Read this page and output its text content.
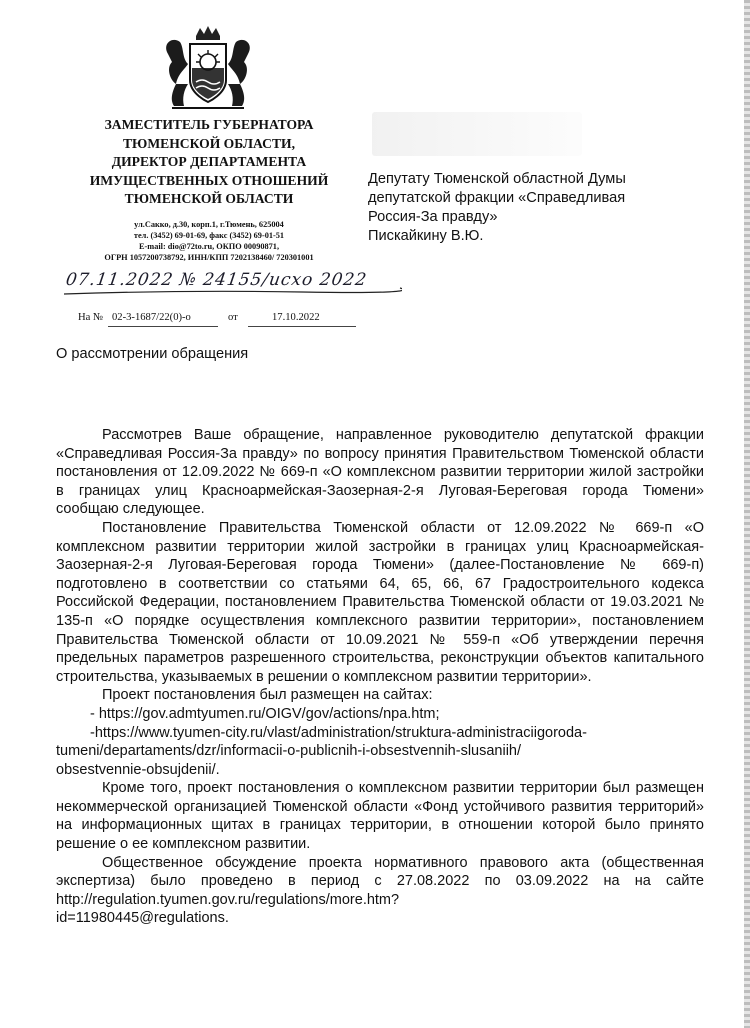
ЗАМЕСТИТЕЛЬ ГУБЕРНАТОРА

ТЮМЕНСКОЙ ОБЛАСТИ,

ДИРЕКТОР ДЕПАРТАМЕНТА

ИМУЩЕСТВЕННЫХ ОТНОШЕНИЙ

ТЮМЕНСКОЙ ОБЛАСТИ

ул.Сакко, д.30, корп.1, г.Тюмень, 625004
тел. (3452) 69-01-69, факс (3452) 69-01-51
E-mail: dio@72to.ru, ОКПО 00090871,
ОГРН 1057200738792, ИНН/КПП 7202138460/ 720301001
Депутату Тюменской областной Думы
депутатской фракции «Справедливая
Россия-За правду»
Пискайкину В.Ю.
07.11.2022 № 24155/исхо 2022
На № 02-3-1687/22(0)-о	от	17.10.2022
О рассмотрении обращения

Рассмотрев Ваше обращение, направленное руководителю депутатской фракции «Справедливая Россия-За правду» по вопросу принятия Правительством Тюменской области постановления от 12.09.2022 № 669-п «О комплексном развитии территории жилой застройки в границах улиц Красноармейская-Заозерная-2-я Луговая-Береговая города Тюмени» сообщаю следующее.

Постановление Правительства Тюменской области от 12.09.2022 № 669-п «О комплексном развитии территории жилой застройки в границах улиц Красноармейская-Заозерная-2-я Луговая-Береговая города Тюмени» (далее-Постановление № 669-п) подготовлено в соответствии со статьями 64, 65, 66, 67 Градостроительного кодекса Российской Федерации, постановлением Правительства Тюменской области от 19.03.2021 № 135-п «О порядке осуществления комплексного развитии территории», постановлением Правительства Тюменской области от 10.09.2021 № 559-п «Об утверждении перечня предельных параметров разрешенного строительства, реконструкции объектов капитального строительства, указываемых в решении о комплексном развитии территории».

Проект постановления был размещен на сайтах:

- https://gov.admtyumen.ru/OIGV/gov/actions/npa.htm;

-https://www.tyumen-city.ru/vlast/administration/struktura-administraciigoroda-

tumeni/departaments/dzr/informacii-o-publicnih-i-obsestvennih-slusaniih/

obsestvennie-obsujdenii/.

Кроме того, проект постановления о комплексном развитии территории был размещен некоммерческой организацией Тюменской области «Фонд устойчивого развития территорий» на информационных щитах в границах территории, в отношении которой было принято решение о ее комплексном развитии.

Общественное обсуждение проекта нормативного правового акта (общественная экспертиза) было проведено в период с 27.08.2022 по 03.09.2022 на на сайте http://regulation.tyumen.gov.ru/regulations/more.htm?

id=11980445@regulations.
